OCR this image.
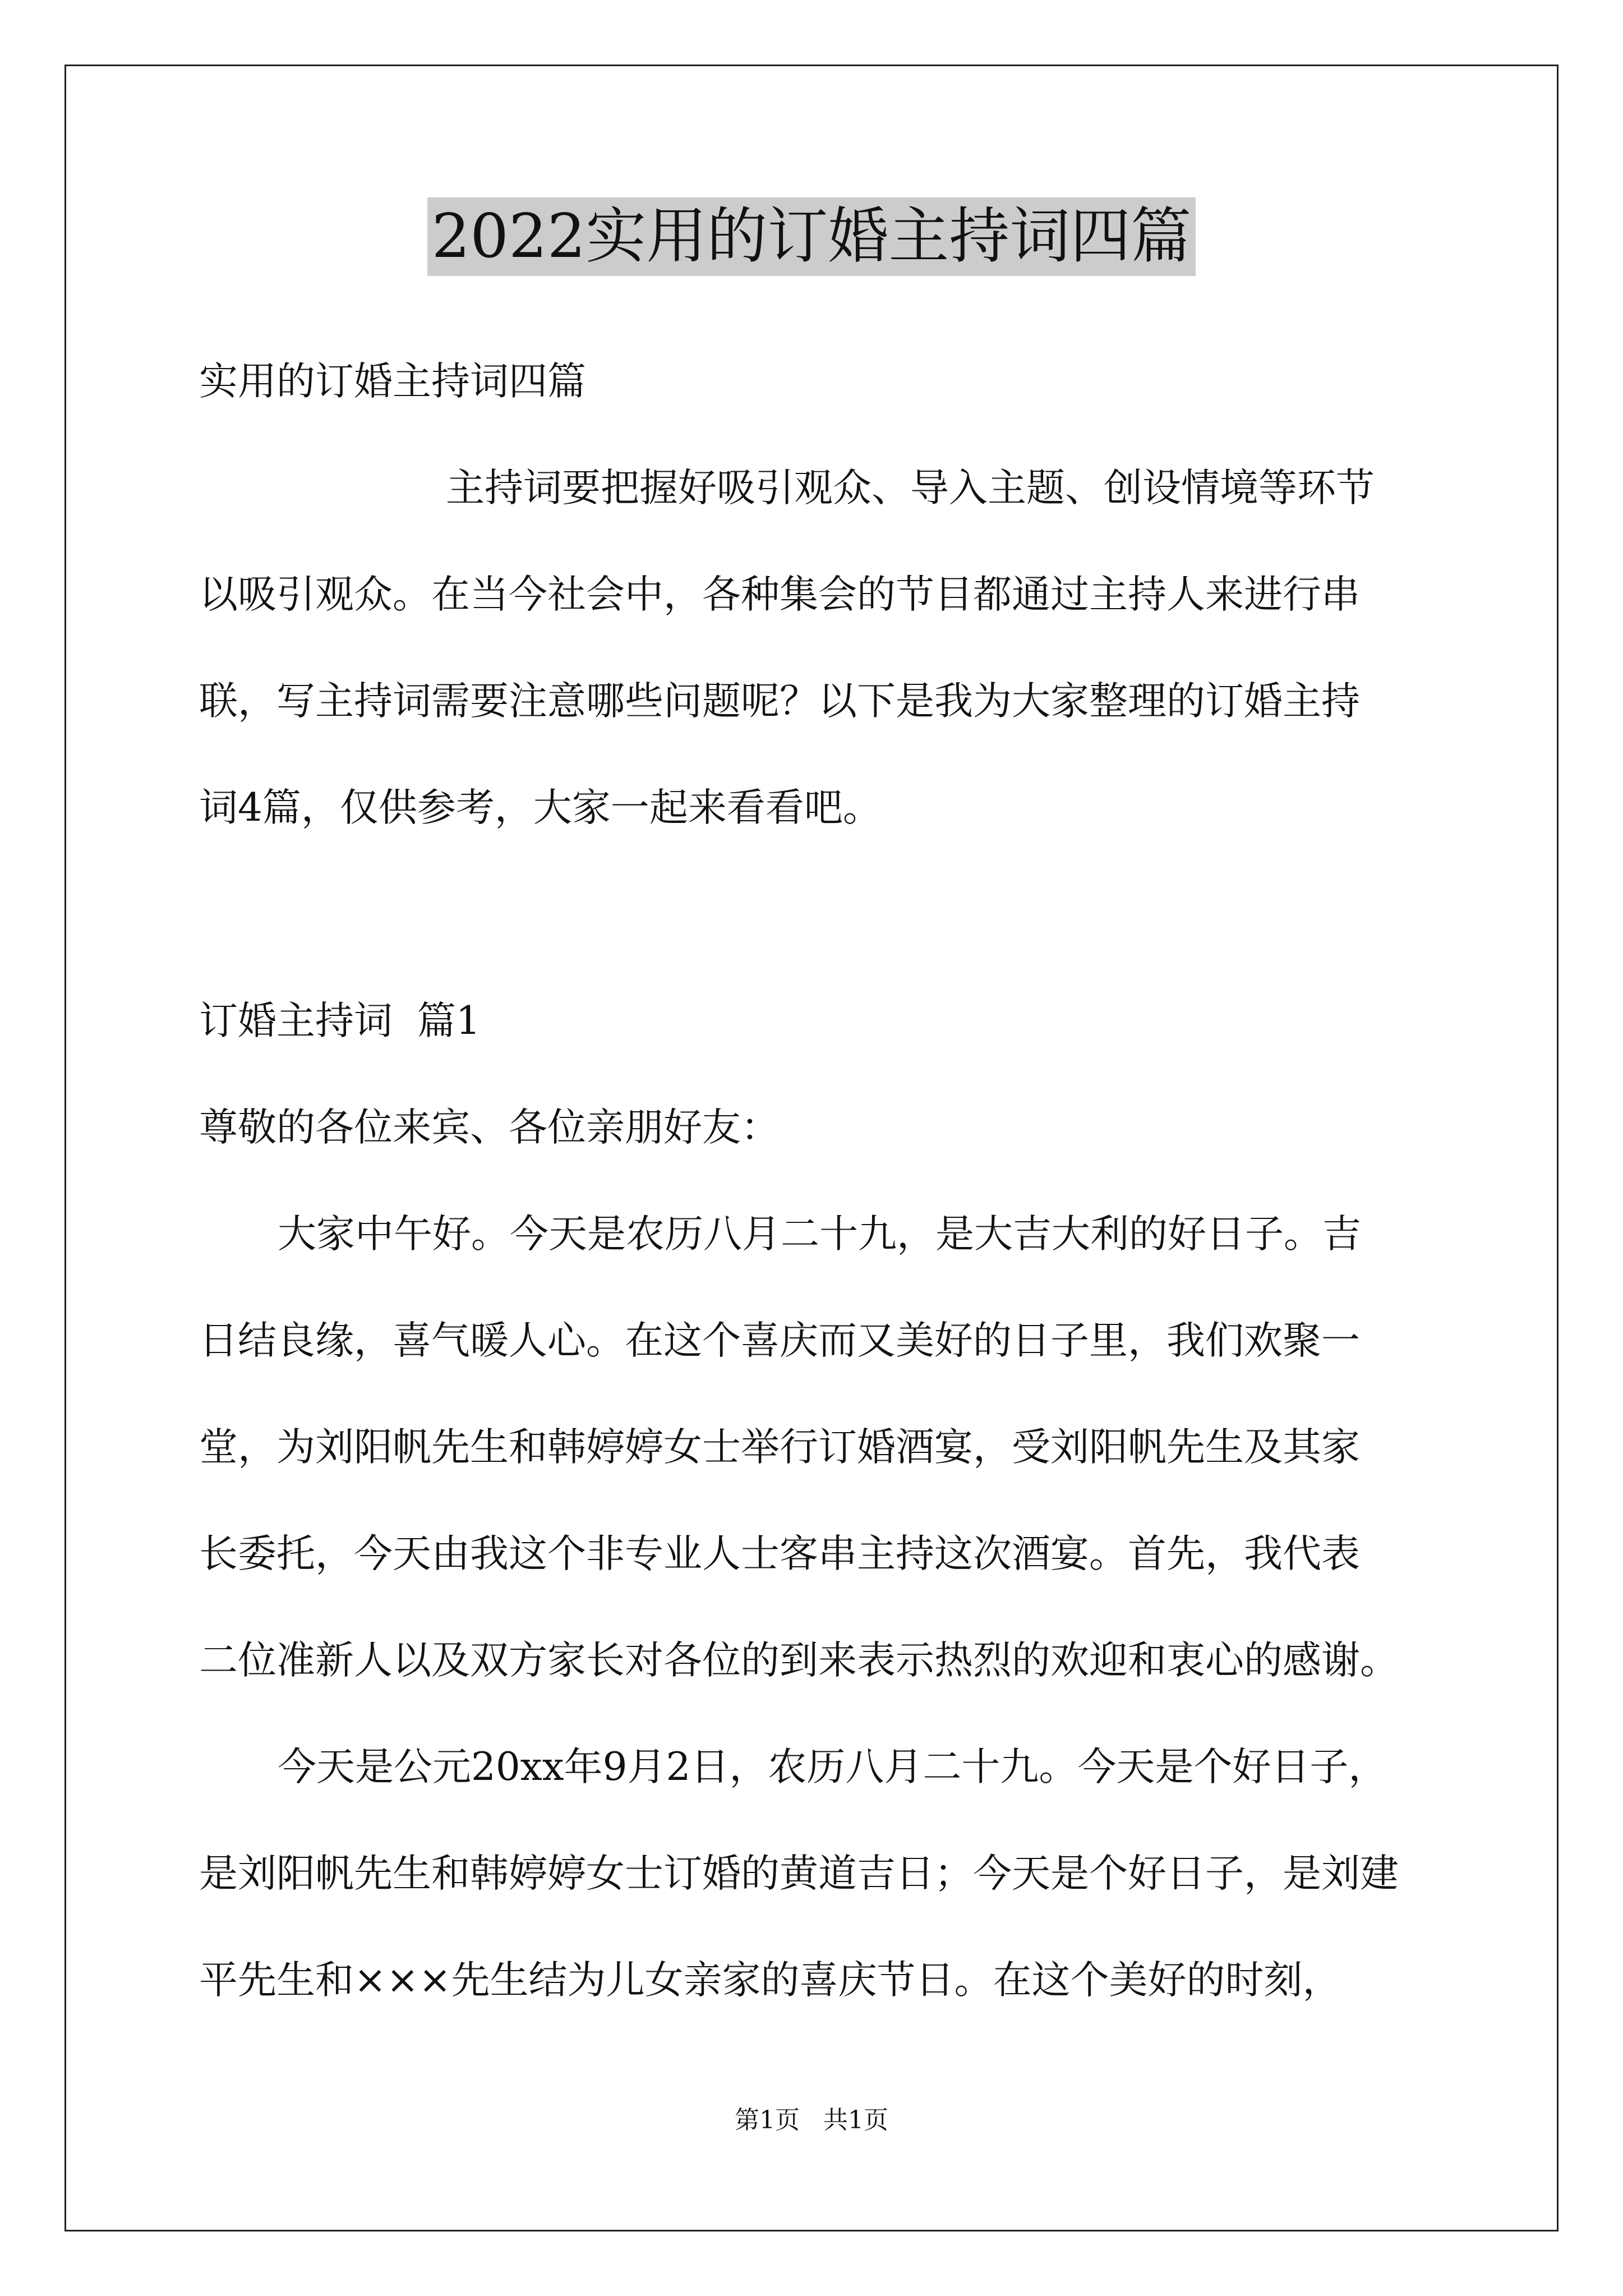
2022实用的订婚主持词四篇
实用的订婚主持词四篇
主持词要把握好吸引观众、导入主题、创设情境等环节
以吸引观众。在当今社会中，各种集会的节目都通过主持人来进行串
联，写主持词需要注意哪些问题呢？以下是我为大家整理的订婚主持
词4篇，仅供参考，大家一起来看看吧。
订婚主持词  篇1
尊敬的各位来宾、各位亲朋好友：
大家中午好。今天是农历八月二十九，是大吉大利的好日子。吉
日结良缘，喜气暖人心。在这个喜庆而又美好的日子里，我们欢聚一
堂，为刘阳帆先生和韩婷婷女士举行订婚酒宴，受刘阳帆先生及其家
长委托，今天由我这个非专业人士客串主持这次酒宴。首先，我代表
二位准新人以及双方家长对各位的到来表示热烈的欢迎和衷心的感谢。
今天是公元20xx年9月2日，农历八月二十九。今天是个好日子，
是刘阳帆先生和韩婷婷女士订婚的黄道吉日；今天是个好日子，是刘建
平先生和×××先生结为儿女亲家的喜庆节日。在这个美好的时刻，
第1页   共1页
